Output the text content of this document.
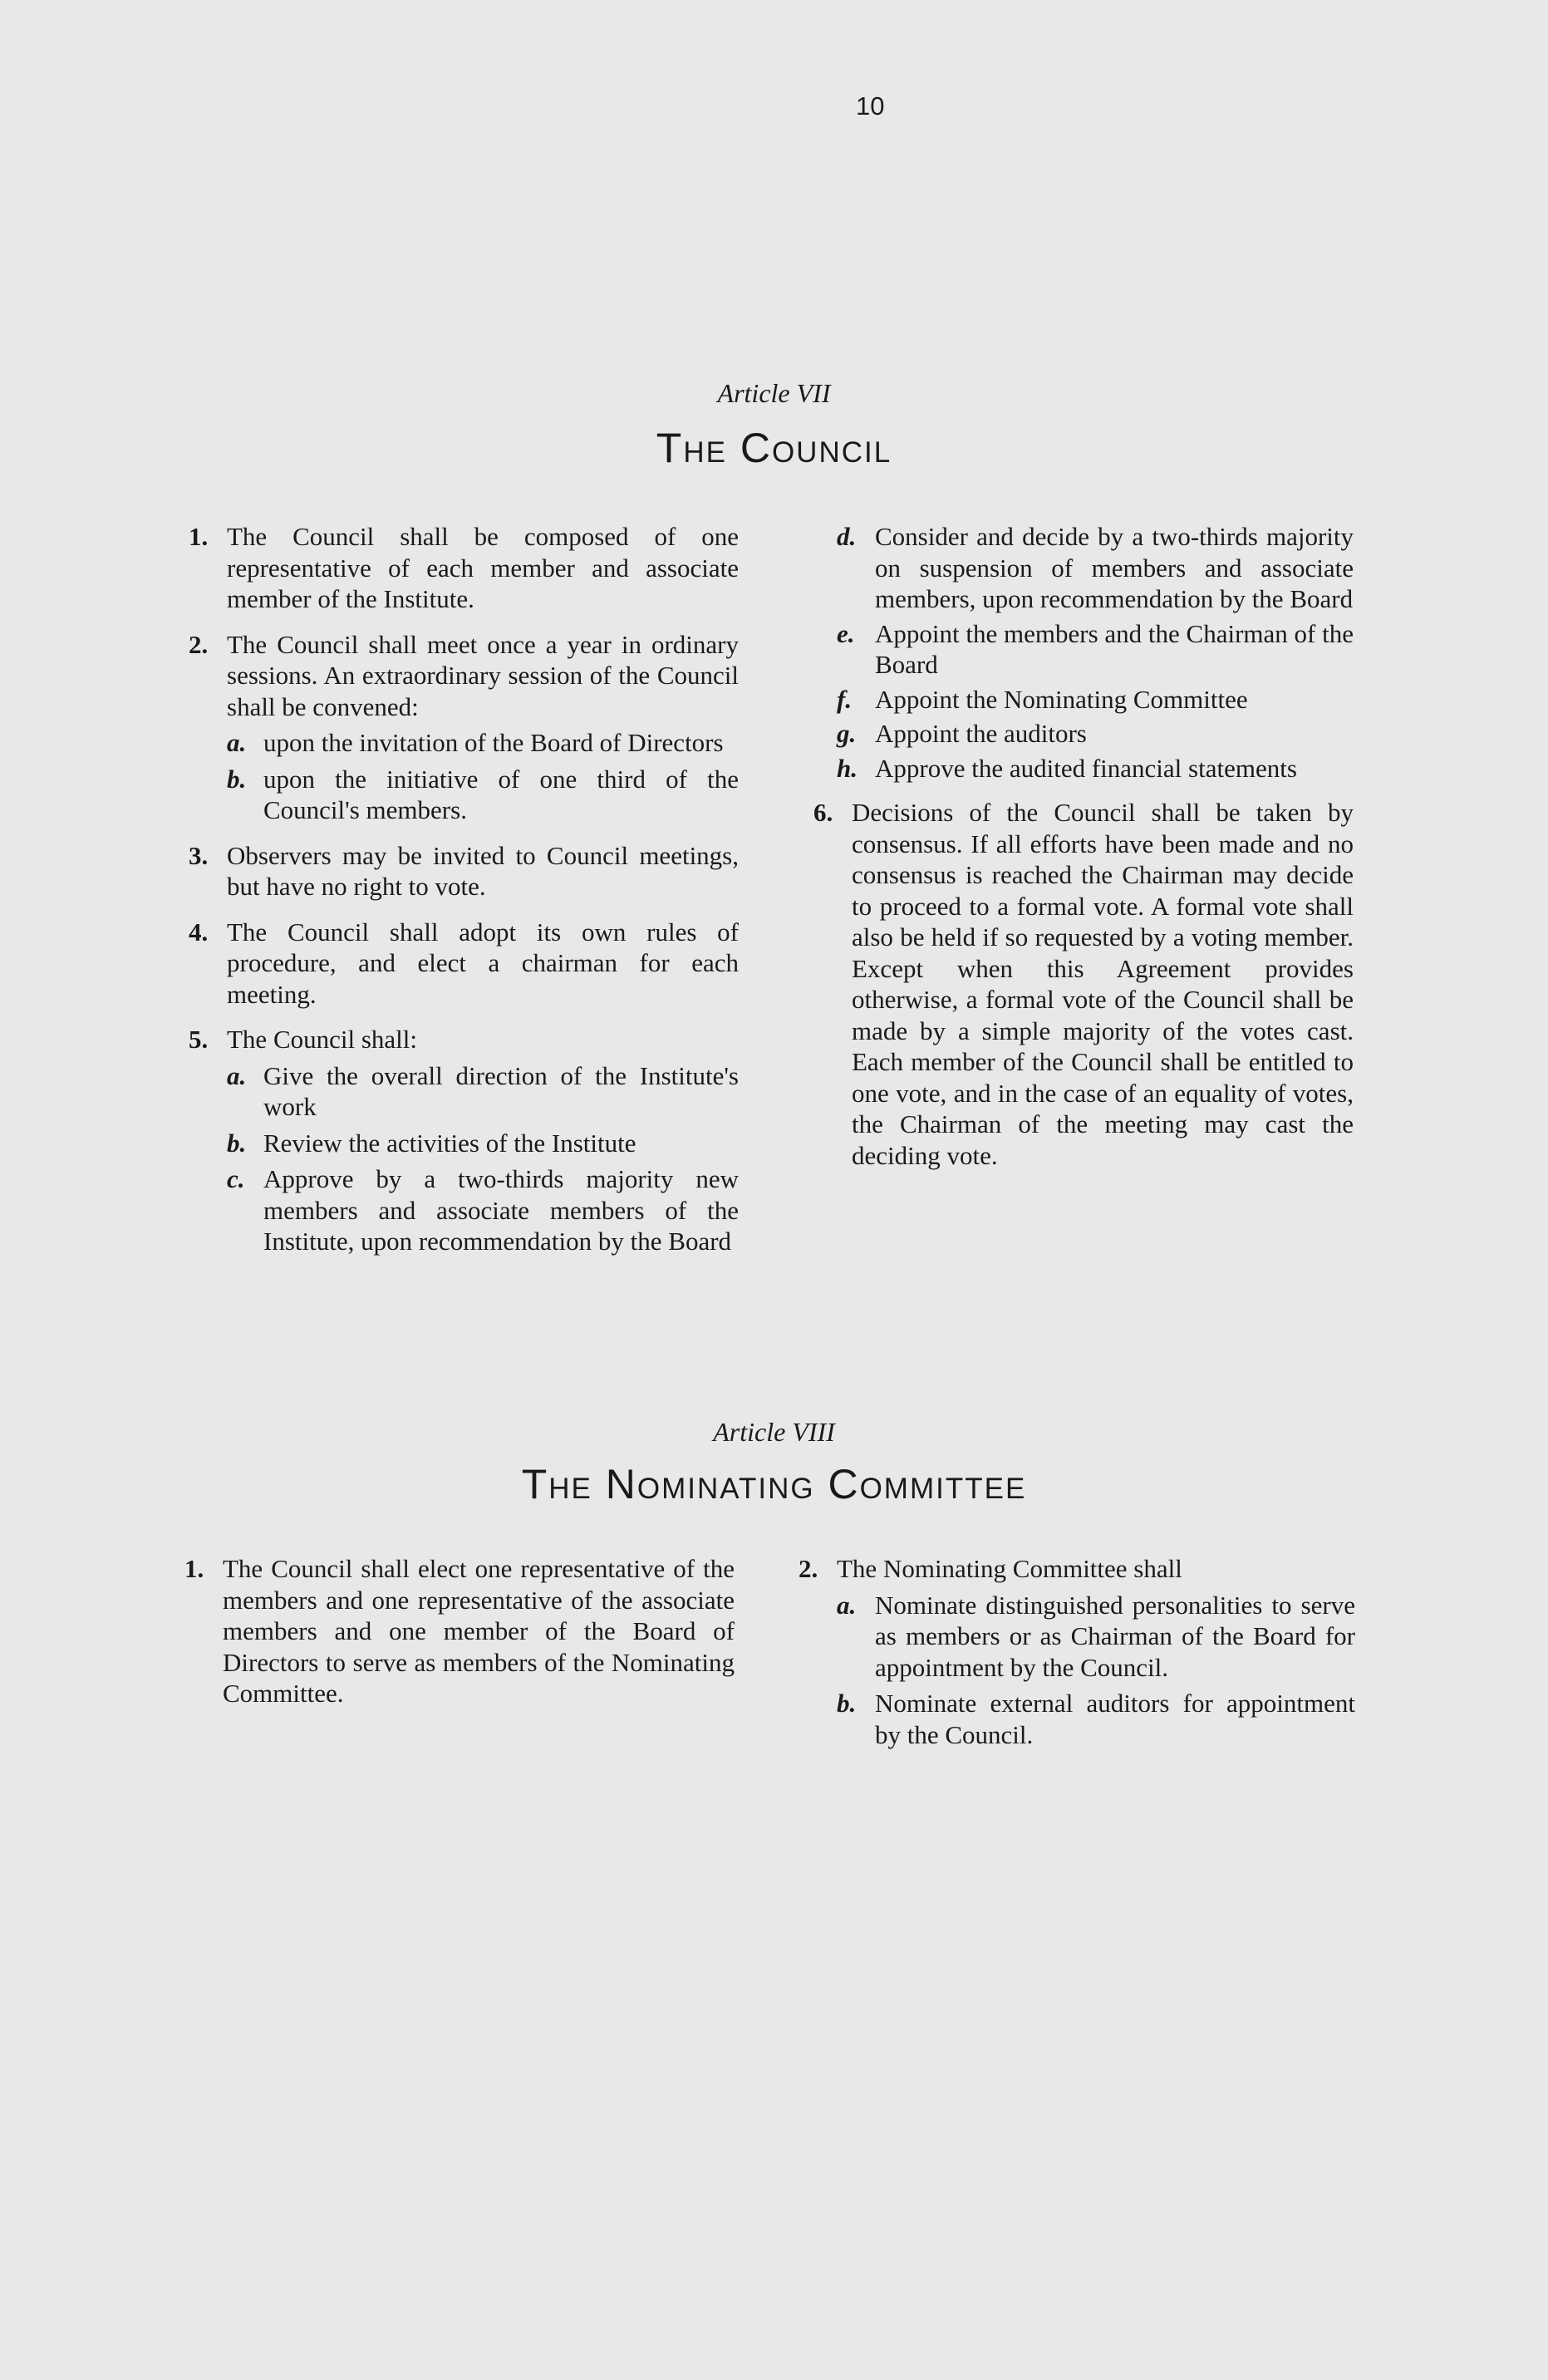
10
Article VII
The Council
1. The Council shall be composed of one representative of each member and associate member of the Institute.
2. The Council shall meet once a year in ordinary sessions. An extraordinary session of the Council shall be convened:
a. upon the invitation of the Board of Directors
b. upon the initiative of one third of the Council's members.
3. Observers may be invited to Council meetings, but have no right to vote.
4. The Council shall adopt its own rules of procedure, and elect a chairman for each meeting.
5. The Council shall:
a. Give the overall direction of the Institute's work
b. Review the activities of the Institute
c. Approve by a two-thirds majority new members and associate members of the Institute, upon recommendation by the Board
d. Consider and decide by a two-thirds majority on suspension of members and associate members, upon recommendation by the Board
e. Appoint the members and the Chairman of the Board
f. Appoint the Nominating Committee
g. Appoint the auditors
h. Approve the audited financial statements
6. Decisions of the Council shall be taken by consensus. If all efforts have been made and no consensus is reached the Chairman may decide to proceed to a formal vote. A formal vote shall also be held if so requested by a voting member. Except when this Agreement provides otherwise, a formal vote of the Council shall be made by a simple majority of the votes cast. Each member of the Council shall be entitled to one vote, and in the case of an equality of votes, the Chairman of the meeting may cast the deciding vote.
Article VIII
The Nominating Committee
1. The Council shall elect one representative of the members and one representative of the associate members and one member of the Board of Directors to serve as members of the Nominating Committee.
2. The Nominating Committee shall
a. Nominate distinguished personalities to serve as members or as Chairman of the Board for appointment by the Council.
b. Nominate external auditors for appointment by the Council.
